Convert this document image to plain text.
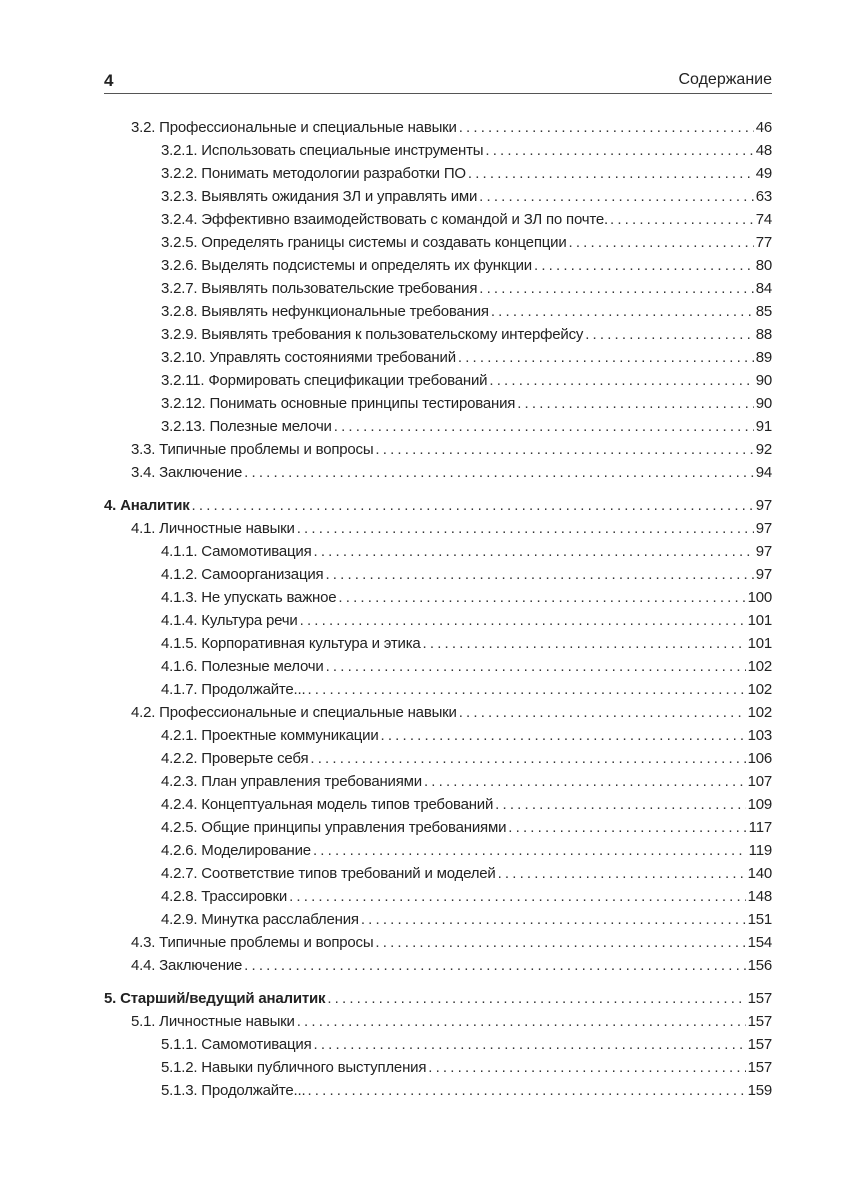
4	Содержание
3.2. Профессиональные и специальные навыки . . .	46
3.2.1. Использовать специальные инструменты . . .	48
3.2.2. Понимать методологии разработки ПО . . .	49
3.2.3. Выявлять ожидания ЗЛ и управлять ими . . .	63
3.2.4. Эффективно взаимодействовать с командой и ЗЛ по почте. . . .	74
3.2.5. Определять границы системы и создавать концепции . . .	77
3.2.6. Выделять подсистемы и определять их функции . . .	80
3.2.7. Выявлять пользовательские требования . . .	84
3.2.8. Выявлять нефункциональные требования . . .	85
3.2.9. Выявлять требования к пользовательскому интерфейсу . . .	88
3.2.10. Управлять состояниями требований . . .	89
3.2.11. Формировать спецификации требований . . .	90
3.2.12. Понимать основные принципы тестирования . . .	90
3.2.13. Полезные мелочи . . .	91
3.3. Типичные проблемы и вопросы . . .	92
3.4. Заключение . . .	94
4. Аналитик . . .	97
4.1. Личностные навыки . . .	97
4.1.1. Самомотивация . . .	97
4.1.2. Самоорганизация . . .	97
4.1.3. Не упускать важное . . .	100
4.1.4. Культура речи . . .	101
4.1.5. Корпоративная культура и этика . . .	101
4.1.6. Полезные мелочи . . .	102
4.1.7. Продолжайте... . . .	102
4.2. Профессиональные и специальные навыки . . .	102
4.2.1. Проектные коммуникации . . .	103
4.2.2. Проверьте себя . . .	106
4.2.3. План управления требованиями . . .	107
4.2.4. Концептуальная модель типов требований . . .	109
4.2.5. Общие принципы управления требованиями . . .	117
4.2.6. Моделирование . . .	119
4.2.7. Соответствие типов требований и моделей . . .	140
4.2.8. Трассировки . . .	148
4.2.9. Минутка расслабления . . .	151
4.3. Типичные проблемы и вопросы . . .	154
4.4. Заключение . . .	156
5. Старший/ведущий аналитик . . .	157
5.1. Личностные навыки . . .	157
5.1.1. Самомотивация . . .	157
5.1.2. Навыки публичного выступления . . .	157
5.1.3. Продолжайте... . . .	159
